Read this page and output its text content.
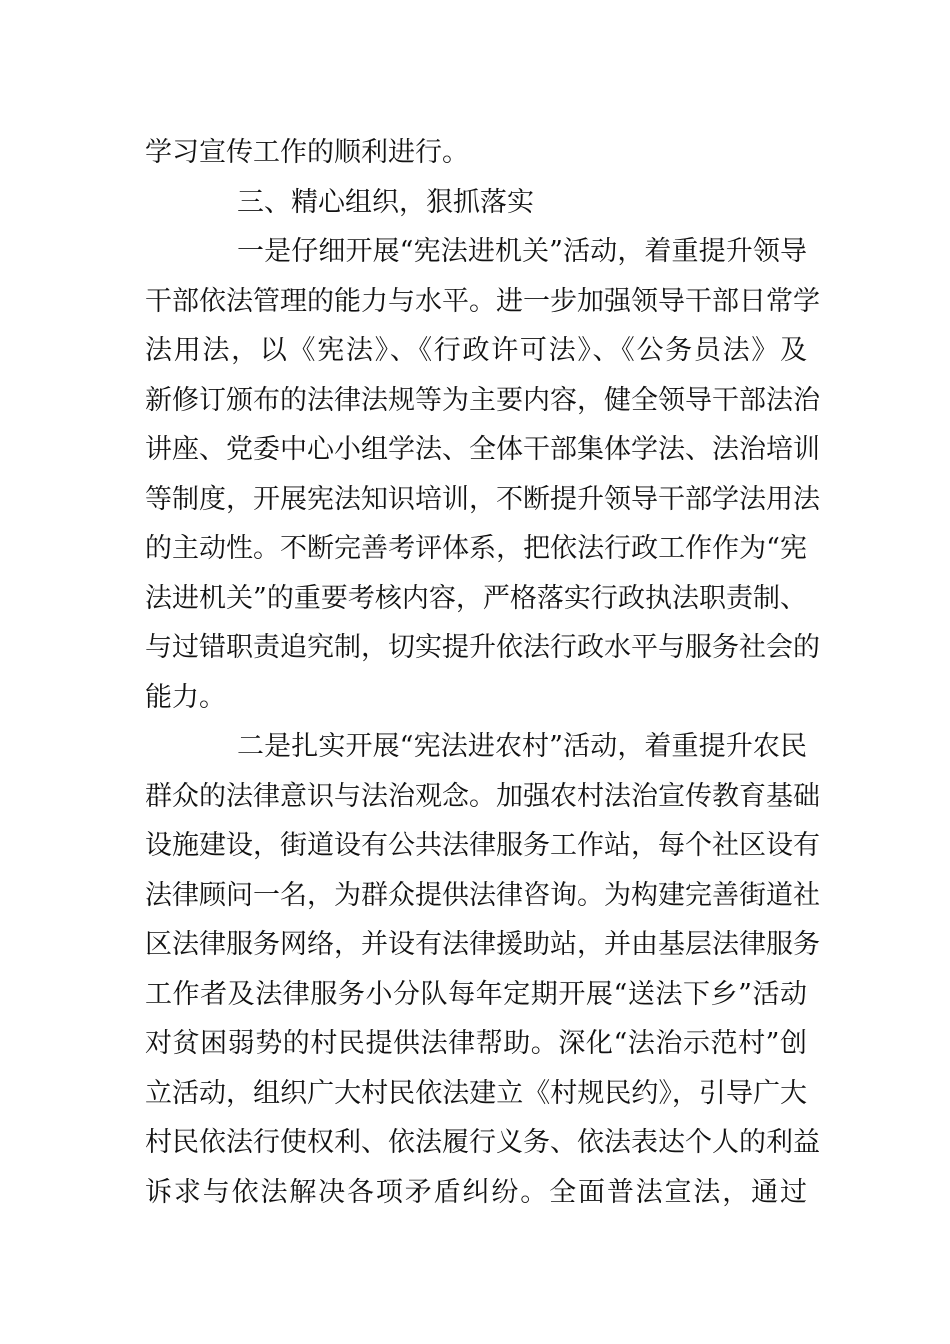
学习宣传工作的顺利进行。
三、精心组织，狠抓落实
一是仔细开展“宪法进机关”活动，着重提升领导
干部依法管理的能力与水平。进一步加强领导干部日常学
法用法，以《宪法》、《行政许可法》、《公务员法》及
新修订颁布的法律法规等为主要内容，健全领导干部法治
讲座、党委中心小组学法、全体干部集体学法、法治培训
等制度，开展宪法知识培训，不断提升领导干部学法用法
的主动性。不断完善考评体系，把依法行政工作作为“宪
法进机关”的重要考核内容，严格落实行政执法职责制、
与过错职责追究制，切实提升依法行政水平与服务社会的
能力。
二是扎实开展“宪法进农村”活动，着重提升农民
群众的法律意识与法治观念。加强农村法治宣传教育基础
设施建设，街道设有公共法律服务工作站，每个社区设有
法律顾问一名，为群众提供法律咨询。为构建完善街道社
区法律服务网络，并设有法律援助站，并由基层法律服务
工作者及法律服务小分队每年定期开展“送法下乡”活动
对贫困弱势的村民提供法律帮助。深化“法治示范村”创
立活动，组织广大村民依法建立《村规民约》，引导广大
村民依法行使权利、依法履行义务、依法表达个人的利益
诉求与依法解决各项矛盾纠纷。全面普法宣法，通过
